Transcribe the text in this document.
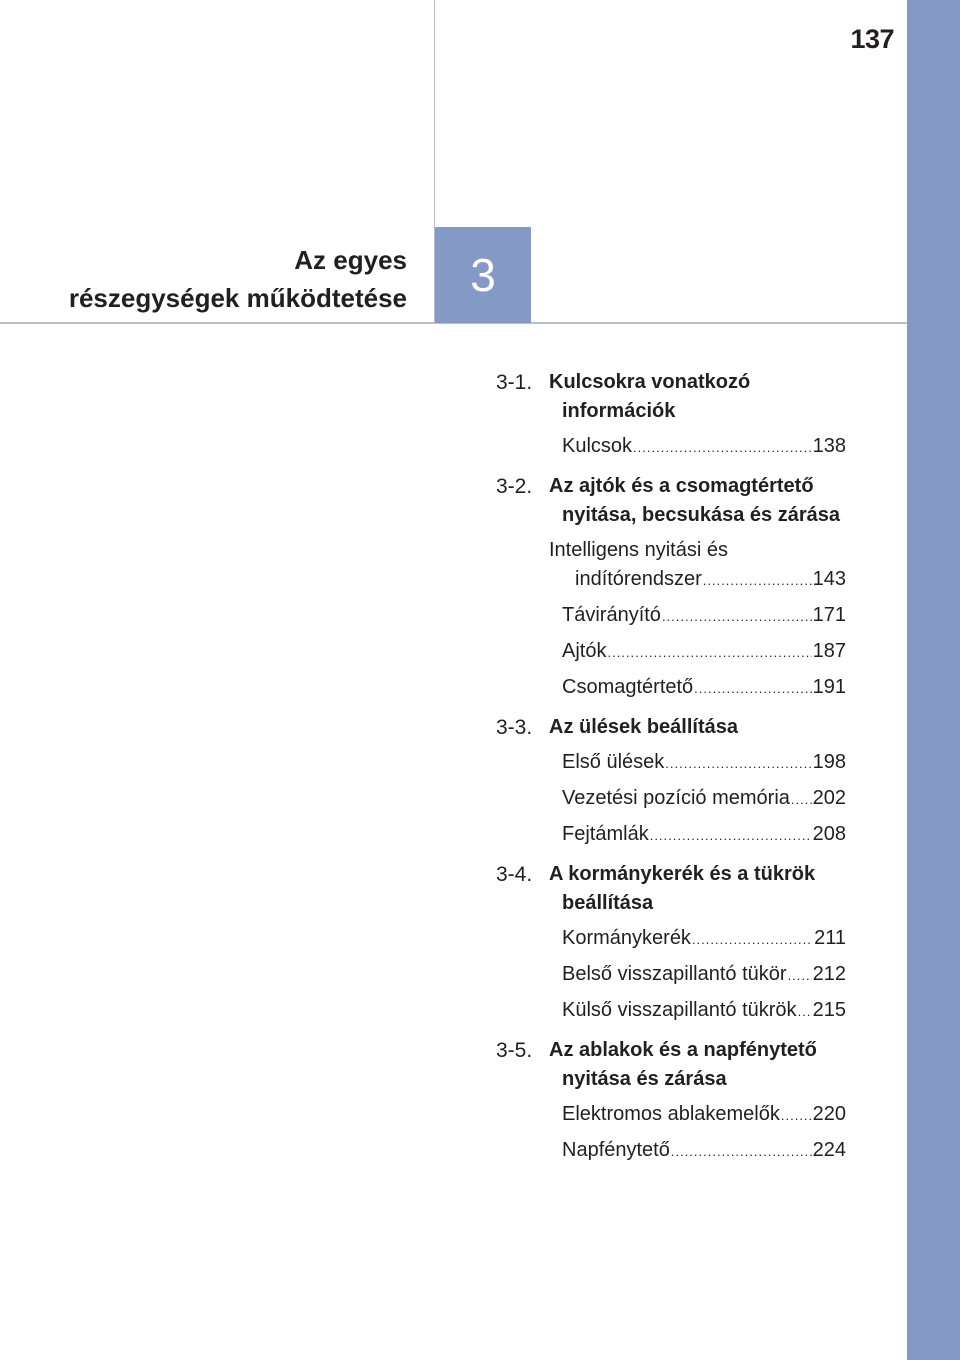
137
Az egyes
részegységek működtetése 3
3-1. Kulcsokra vonatkozó információk
Kulcsok .....	138
3-2. Az ajtók és a csomagtértető nyitása, becsukása és zárása
Intelligens nyitási és
indítórendszer .....	143
Távirányító .....	171
Ajtók .....	187
Csomagtértető .....	191
3-3. Az ülések beállítása
Első ülések .....	198
Vezetési pozíció memória ..... 202
Fejtámlák .....	208
3-4. A kormánykerék és a tükrök beállítása
Kormánykerék .....	211
Belső visszapillantó tükör ..... 212
Külső visszapillantó tükrök ..... 215
3-5. Az ablakok és a napfénytető nyitása és zárása
Elektromos ablakemelők ..... 220
Napfénytető .....	224
